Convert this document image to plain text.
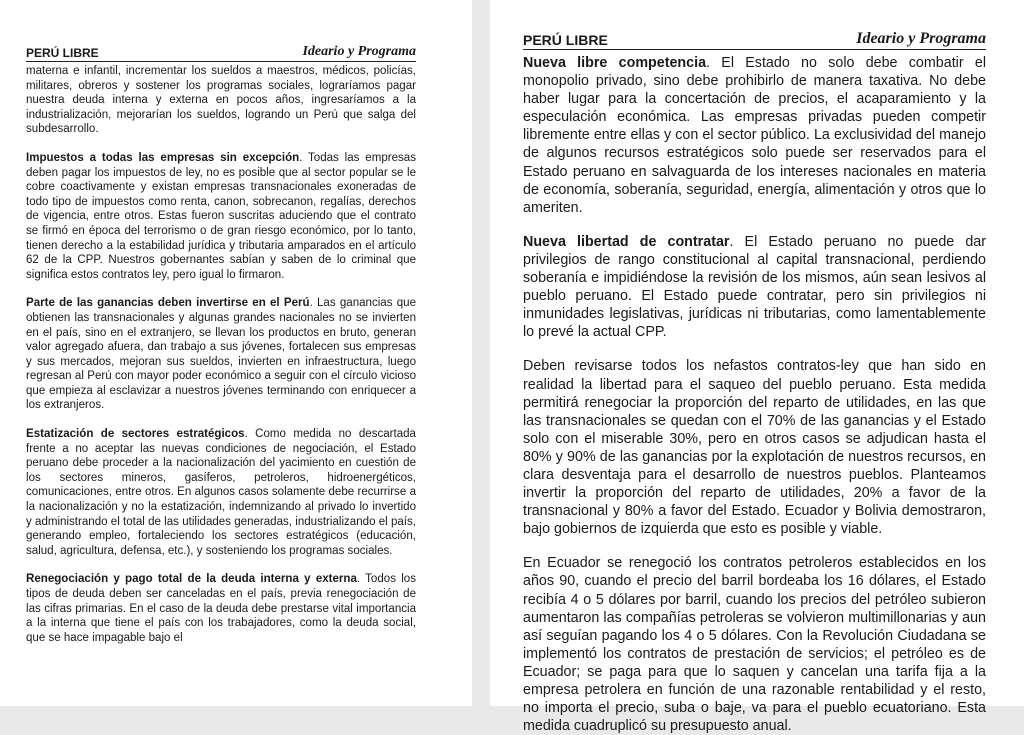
PERÚ LIBRE	Ideario y Programa

materna e infantil, incrementar los sueldos a maestros, médicos, policías, militares, obreros y sostener los programas sociales, lograríamos pagar nuestra deuda interna y externa en pocos años, ingresaríamos a la industrialización, mejorarían los sueldos, logrando un Perú que salga del subdesarrollo.

Impuestos a todas las empresas sin excepción. Todas las empresas deben pagar los impuestos de ley, no es posible que al sector popular se le cobre coactivamente y existan empresas transnacionales exoneradas de todo tipo de impuestos como renta, canon, sobrecanon, regalías, derechos de vigencia, entre otros. Estas fueron suscritas aduciendo que el contrato se firmó en época del terrorismo o de gran riesgo económico, por lo tanto, tienen derecho a la estabilidad jurídica y tributaria amparados en el artículo 62 de la CPP. Nuestros gobernantes sabían y saben de lo criminal que significa estos contratos ley, pero igual lo firmaron.

Parte de las ganancias deben invertirse en el Perú. Las ganancias que obtienen las transnacionales y algunas grandes nacionales no se invierten en el país, sino en el extranjero, se llevan los productos en bruto, generan valor agregado afuera, dan trabajo a sus jóvenes, fortalecen sus empresas y sus mercados, mejoran sus sueldos, invierten en infraestructura, luego regresan al Perú con mayor poder económico a seguir con el círculo vicioso que empieza al esclavizar a nuestros jóvenes terminando con enriquecer a los extranjeros.

Estatización de sectores estratégicos. Como medida no descartada frente a no aceptar las nuevas condiciones de negociación, el Estado peruano debe proceder a la nacionalización del yacimiento en cuestión de los sectores mineros, gasíferos, petroleros, hidroenergéticos, comunicaciones, entre otros. En algunos casos solamente debe recurrirse a la nacionalización y no la estatización, indemnizando al privado lo invertido y administrando el total de las utilidades generadas, industrializando el país, generando empleo, fortaleciendo los sectores estratégicos (educación, salud, agricultura, defensa, etc.), y sosteniendo los programas sociales.

Renegociación y pago total de la deuda interna y externa. Todos los tipos de deuda deben ser canceladas en el país, previa renegociación de las cifras primarias. En el caso de la deuda debe prestarse vital importancia a la interna que tiene el país con los trabajadores, como la deuda social, que se hace impagable bajo el

PERÚ LIBRE	Ideario y Programa

Nueva libre competencia. El Estado no solo debe combatir el monopolio privado, sino debe prohibirlo de manera taxativa. No debe haber lugar para la concertación de precios, el acaparamiento y la especulación económica. Las empresas privadas pueden competir libremente entre ellas y con el sector público. La exclusividad del manejo de algunos recursos estratégicos solo puede ser reservados para el Estado peruano en salvaguarda de los intereses nacionales en materia de economía, soberanía, seguridad, energía, alimentación y otros que lo ameriten.

Nueva libertad de contratar. El Estado peruano no puede dar privilegios de rango constitucional al capital transnacional, perdiendo soberanía e impidiéndose la revisión de los mismos, aún sean lesivos al pueblo peruano. El Estado puede contratar, pero sin privilegios ni inmunidades legislativas, jurídicas ni tributarias, como lamentablemente lo prevé la actual CPP.

Deben revisarse todos los nefastos contratos-ley que han sido en realidad la libertad para el saqueo del pueblo peruano. Esta medida permitirá renegociar la proporción del reparto de utilidades, en las que las transnacionales se quedan con el 70% de las ganancias y el Estado solo con el miserable 30%, pero en otros casos se adjudican hasta el 80% y 90% de las ganancias por la explotación de nuestros recursos, en clara desventaja para el desarrollo de nuestros pueblos. Planteamos invertir la proporción del reparto de utilidades, 20% a favor de la transnacional y 80% a favor del Estado. Ecuador y Bolivia demostraron, bajo gobiernos de izquierda que esto es posible y viable.

En Ecuador se renegoció los contratos petroleros establecidos en los años 90, cuando el precio del barril bordeaba los 16 dólares, el Estado recibía 4 o 5 dólares por barril, cuando los precios del petróleo subieron aumentaron las compañías petroleras se volvieron multimillonarias y aun así seguían pagando los 4 o 5 dólares. Con la Revolución Ciudadana se implementó los contratos de prestación de servicios; el petróleo es de Ecuador; se paga para que lo saquen y cancelan una tarifa fija a la empresa petrolera en función de una razonable rentabilidad y el resto, no importa el precio, suba o baje, va para el pueblo ecuatoriano. Esta medida cuadruplicó su presupuesto anual.
